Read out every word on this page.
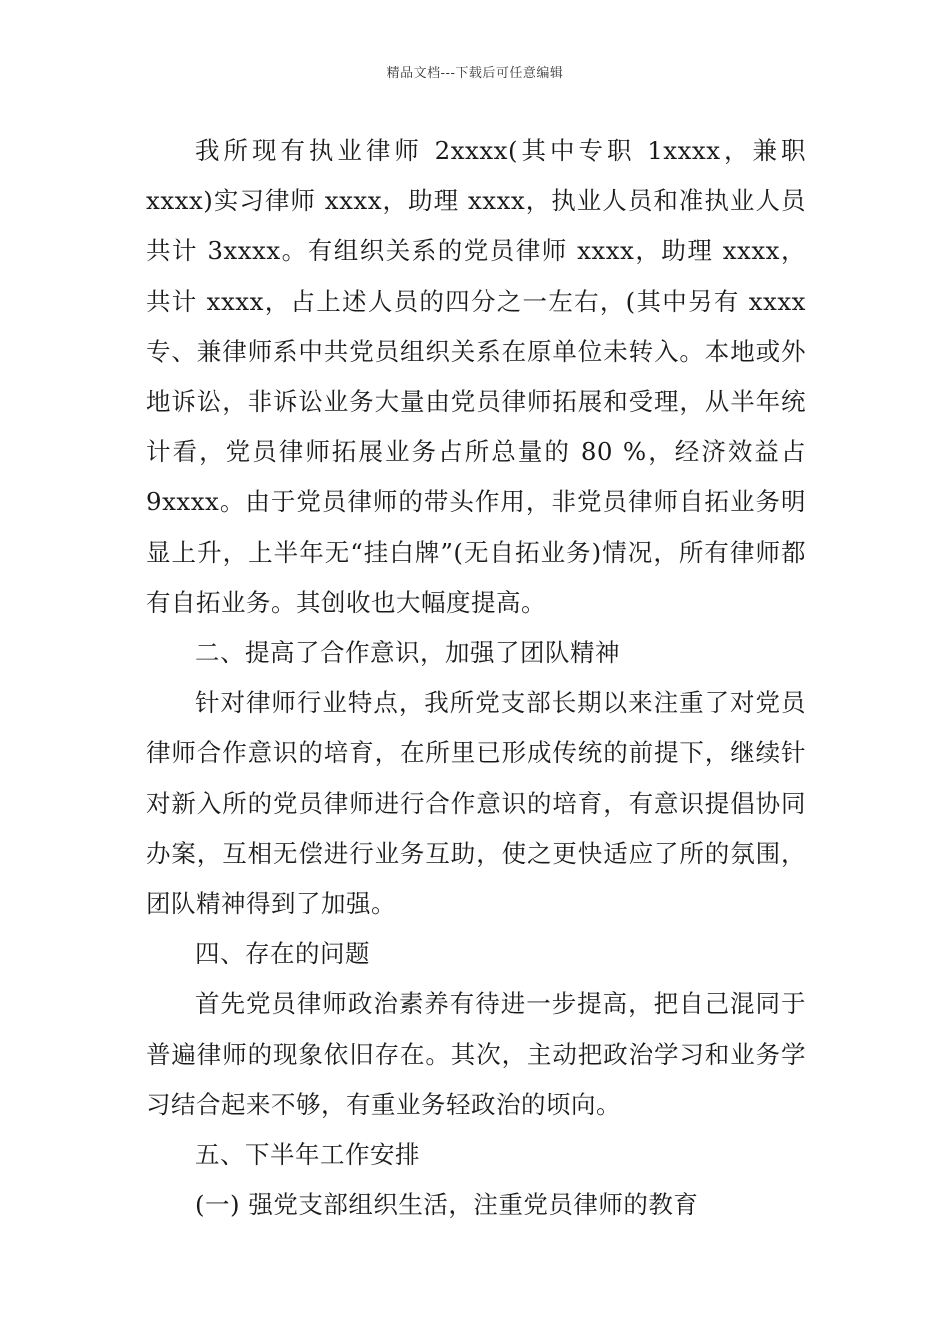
精品文档---下载后可任意编辑

我所现有执业律师 2xxxx(其中专职 1xxxx，兼职 xxxx)实习律师 xxxx，助理 xxxx，执业人员和准执业人员共计 3xxxx。有组织关系的党员律师 xxxx，助理 xxxx，共计 xxxx，占上述人员的四分之一左右，(其中另有 xxxx 专、兼律师系中共党员组织关系在原单位未转入。本地或外地诉讼，非诉讼业务大量由党员律师拓展和受理，从半年统计看，党员律师拓展业务占所总量的 80 %，经济效益占 9xxxx。由于党员律师的带头作用，非党员律师自拓业务明显上升，上半年无“挂白牌”(无自拓业务)情况，所有律师都有自拓业务。其创收也大幅度提高。

二、提高了合作意识，加强了团队精神

针对律师行业特点，我所党支部长期以来注重了对党员律师合作意识的培育，在所里已形成传统的前提下，继续针对新入所的党员律师进行合作意识的培育，有意识提倡协同办案，互相无偿进行业务互助，使之更快适应了所的氛围，团队精神得到了加强。

四、存在的问题

首先党员律师政治素养有待进一步提高，把自己混同于普遍律师的现象依旧存在。其次，主动把政治学习和业务学习结合起来不够，有重业务轻政治的顷向。

五、下半年工作安排

(一) 强党支部组织生活，注重党员律师的教育
